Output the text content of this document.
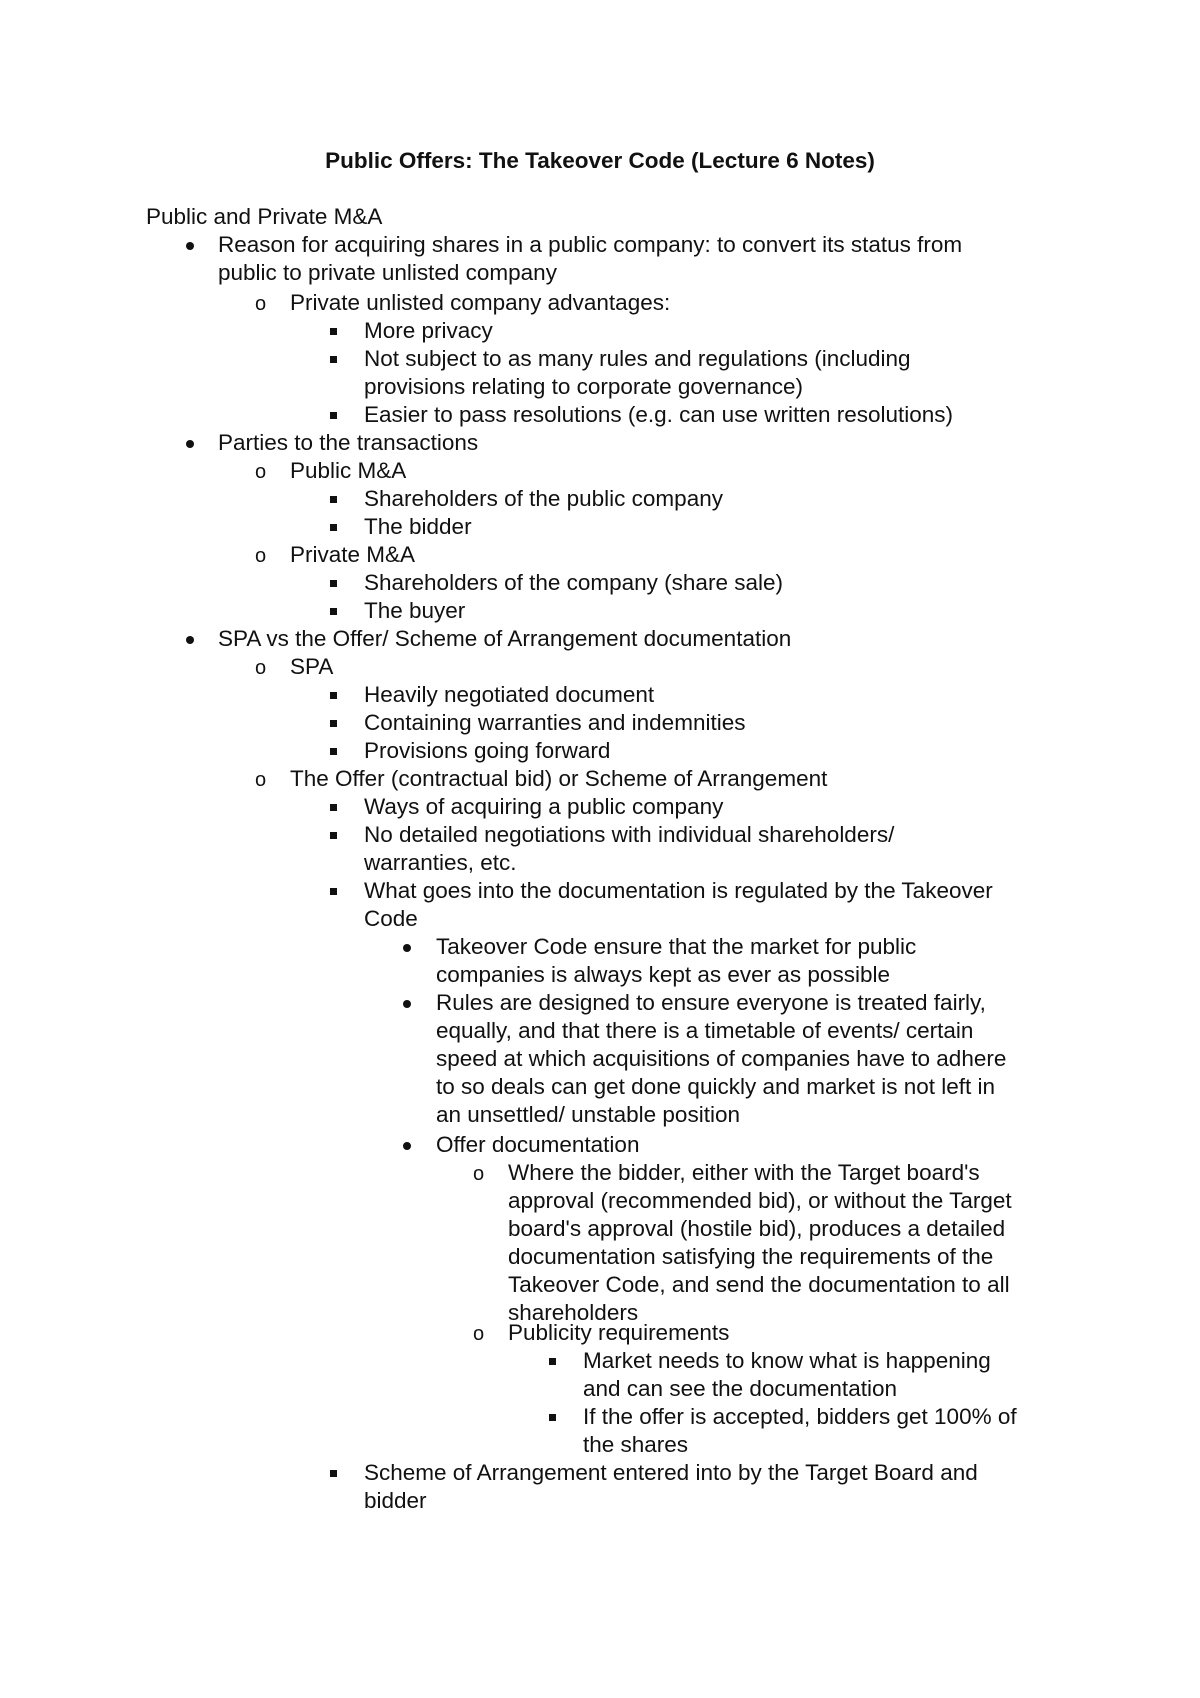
Public Offers: The Takeover Code (Lecture 6 Notes)
Public and Private M&A
Reason for acquiring shares in a public company: to convert its status from
public to private unlisted company
o Private unlisted company advantages:
More privacy
Not subject to as many rules and regulations (including
provisions relating to corporate governance)
Easier to pass resolutions (e.g. can use written resolutions)
Parties to the transactions
o Public M&A
Shareholders of the public company
The bidder
o Private M&A
Shareholders of the company (share sale)
The buyer
SPA vs the Offer/ Scheme of Arrangement documentation
o SPA
Heavily negotiated document
Containing warranties and indemnities
Provisions going forward
o The Offer (contractual bid) or Scheme of Arrangement
Ways of acquiring a public company
No detailed negotiations with individual shareholders/
warranties, etc.
What goes into the documentation is regulated by the Takeover
Code
Takeover Code ensure that the market for public
companies is always kept as ever as possible
Rules are designed to ensure everyone is treated fairly,
equally, and that there is a timetable of events/ certain
speed at which acquisitions of companies have to adhere
to so deals can get done quickly and market is not left in
an unsettled/ unstable position
Offer documentation
o Where the bidder, either with the Target board's
approval (recommended bid), or without the Target
board's approval (hostile bid), produces a detailed
documentation satisfying the requirements of the
Takeover Code, and send the documentation to all
shareholders
o Publicity requirements
Market needs to know what is happening
and can see the documentation
If the offer is accepted, bidders get 100% of
the shares
Scheme of Arrangement entered into by the Target Board and
bidder
